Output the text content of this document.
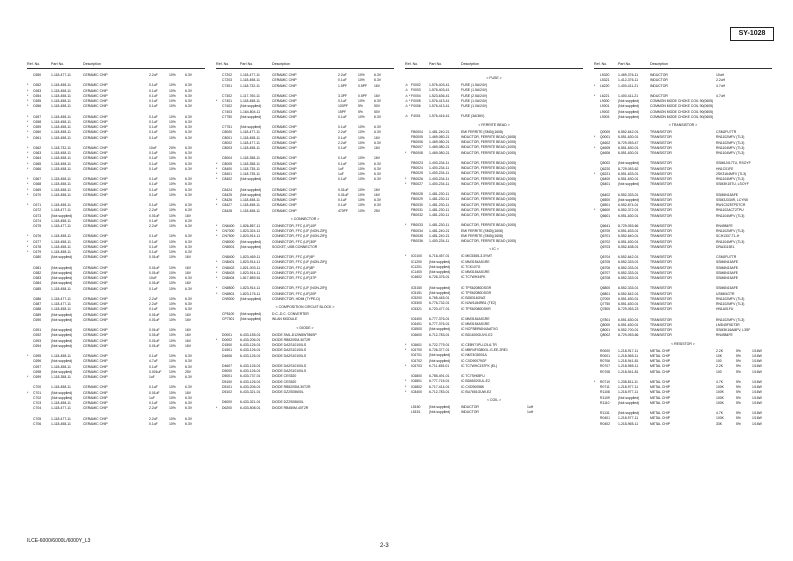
SY-1028
Ref. No.	Part No.	Description
C650	1-118-477-11	CERAMIC CHIP	2.2uF	10%	6.3V
* C652	1-118-458-11	CERAMIC CHIP	0.1uF	10%	6.3V
* C653	1-118-458-11	CERAMIC CHIP	0.1uF	10%	6.3V
* C654	1-118-458-11	CERAMIC CHIP	0.1uF	10%	6.3V
* C655	1-118-458-11	CERAMIC CHIP	0.1uF	10%	6.3V
* C656	1-118-458-11	CERAMIC CHIP	0.1uF	10%	6.3V
* C657	1-118-458-11	CERAMIC CHIP	0.1uF	10%	6.3V
* C658	1-118-458-11	CERAMIC CHIP	0.1uF	10%	6.3V
* C659	1-118-458-11	CERAMIC CHIP	0.1uF	10%	6.3V
* C660	1-118-458-11	CERAMIC CHIP	0.1uF	10%	6.3V
* C661	1-118-458-11	CERAMIC CHIP	0.1uF	10%	6.3V
* C662	1-118-732-11	CERAMIC CHIP	10uF	20%	6.3V
* C663	1-118-458-11	CERAMIC CHIP	0.1uF	10%	6.3V
* C664	1-118-458-11	CERAMIC CHIP	0.1uF	10%	6.3V
* C665	1-118-458-11	CERAMIC CHIP	0.1uF	10%	6.3V
* C666	1-118-458-11	CERAMIC CHIP	0.1uF	10%	6.3V
* C667	1-118-458-11	CERAMIC CHIP	0.1uF	10%	6.3V
* C668	1-118-458-11	CERAMIC CHIP	0.1uF	10%	6.3V
* C669	1-118-458-11	CERAMIC CHIP	0.1uF	10%	6.3V
* C670	1-118-458-11	CERAMIC CHIP	0.1uF	10%	6.3V
* C671	1-118-458-11	CERAMIC CHIP	0.1uF	10%	6.3V
C672	1-118-477-11	CERAMIC CHIP	2.2uF	10%	6.3V
C673	(Not supplied)	CERAMIC CHIP	0.01uF	10%	16V
C674	1-118-458-11	CERAMIC CHIP	0.1uF	10%	6.3V
C675	1-118-477-11	CERAMIC CHIP	2.2uF	10%	6.3V
* C676	1-118-458-11	CERAMIC CHIP	0.1uF	10%	6.3V
* C677	1-118-458-11	CERAMIC CHIP	0.1uF	10%	6.3V
* C678	1-118-458-11	CERAMIC CHIP	0.1uF	10%	6.3V
* C679	1-118-458-11	CERAMIC CHIP	0.1uF	10%	6.3V
C680	(Not supplied)	CERAMIC CHIP	0.01uF	10%	16V
C681	(Not supplied)	CERAMIC CHIP	0.01uF	10%	16V
C682	(Not supplied)	CERAMIC CHIP	0.01uF	10%	16V
C683	(Not supplied)	CERAMIC CHIP	10uF	20%	6.3V
C684	(Not supplied)	CERAMIC CHIP	0.01uF	10%	16V
C685	1-118-458-11	CERAMIC CHIP	0.1uF	10%	6.3V
C686	1-118-477-11	CERAMIC CHIP	2.2uF	10%	6.3V
C687	1-118-477-11	CERAMIC CHIP	2.2uF	10%	6.3V
C688	1-118-458-11	CERAMIC CHIP	0.1uF	10%	6.3V
C689	(Not supplied)	CERAMIC CHIP	0.01uF	10%	16V
C690	(Not supplied)	CERAMIC CHIP	0.01uF	10%	16V
C691	(Not supplied)	CERAMIC CHIP	0.01uF	10%	16V
C692	(Not supplied)	CERAMIC CHIP	0.01uF	10%	16V
C693	(Not supplied)	CERAMIC CHIP	0.01uF	10%	16V
C694	(Not supplied)	CERAMIC CHIP	0.01uF	10%	16V
* C695	1-118-458-11	CERAMIC CHIP	0.1uF	10%	6.3V
C696	(Not supplied)	CERAMIC CHIP	4.7uF	10%	6.3V
C697	1-118-458-11	CERAMIC CHIP	0.1uF	10%	6.3V
C698	(Not supplied)	CERAMIC CHIP	0.001uF 10%	25V
* C699	1-118-358-11	CERAMIC CHIP	1uF	10%	6.3V
C700	1-118-458-11	CERAMIC CHIP	0.1uF	10%	6.3V
* C701	(Not supplied)	CERAMIC CHIP	0.01uF	10%	16V
C702	(Not supplied)	CERAMIC CHIP	1uF	10%	6.3V
C703	1-118-458-11	CERAMIC CHIP	0.1uF	10%	6.3V
C704	1-118-477-11	CERAMIC CHIP	2.2uF	10%	6.3V
C705	1-118-477-11	CERAMIC CHIP	2.2uF	10%	6.3V
C706	1-118-458-11	CERAMIC CHIP	0.1uF	10%	6.3V
Ref. No.	Part No.	Description
C7202 1-118-477-11	CERAMIC CHIP	2.2uF	10%	6.3V
C7203 1-118-458-11	CERAMIC CHIP	0.1uF	10%	6.3V
C7301 1-118-732-11	CERAMIC CHIP	1.5PF	0.5PF 16V
C7302 1-117-760-11	CERAMIC CHIP	3.3PF	0.5PF 16V
* C7401 1-118-458-11	CERAMIC CHIP	0.1uF	10%	6.3V
C7402 (Not supplied)	CERAMIC CHIP	100PF	5%	50V
C7403 1-164-804-11	CERAMIC CHIP	15PF	5%	50V
C7750 (Not supplied)	CERAMIC CHIP	0.1uF	10%	6.3V
C7751 (Not supplied)	CERAMIC CHIP	0.1uF	10%	6.3V
C8000 1-118-477-11	CERAMIC CHIP	2.2uF	10%	6.3V
C8001 1-118-458-11	CERAMIC CHIP	0.1uF	10%	16V
C8002 1-118-477-11	CERAMIC CHIP	2.2uF	10%	6.3V
C8003 1-118-458-11	CERAMIC CHIP	0.1uF	10%	16V
C8004 1-118-358-11	CERAMIC CHIP	0.1uF	10%	16V
* C8005 1-118-358-11	CERAMIC CHIP	0.1uF	10%	6.3V
* C8400 1-118-735-11	CERAMIC CHIP	1uF	10%	6.3V
* C8401 1-118-735-11	CERAMIC CHIP	1uF	10%	6.3V
* C8402 (Not supplied)	CERAMIC CHIP	0.1uF	10%	6.3V
C8424 (Not supplied)	CERAMIC CHIP	0.01uF	10%	16V
C8425 (Not supplied)	CERAMIC CHIP	0.01uF	10%	16V
* C8426 1-118-458-11	CERAMIC CHIP	0.1uF	10%	6.3V
* C8427 1-118-458-11	CERAMIC CHIP	0.1uF	10%	6.3V
C8428 1-118-458-11	CERAMIC CHIP	470PF	10%	25V
< CONNECTOR >
* CN6400 1-826-857-11	CONNECTOR, FFC (LIF)10P
* CN7000 1-823-324-11	CONNECTOR, FFC (LIF (NON-ZIF))
* CN7500 1-823-914-11	CONNECTOR, FFC (LIF (NON-ZIF))
CN8000 (Not supplied)	CONNECTOR, FFC (LIF)30P
CN8001 (Not supplied)	SOCKET, USB CONNECTOR
CN8400 1-823-469-11	CONNECTOR, FFC (LIF)5P
* CN8401 1-823-914-11	CONNECTOR, FFC (LIF (NON-ZIF))
* CN8402 1-821-003-11	CONNECTOR, FFC (LIF)8P
* CN8403 1-823-914-11	CONNECTOR, FFC (LIF)10P
* CN8404 1-817-859-51	CONNECTOR, FFC (LIF)37P
* CN8500 1-823-914-11	CONNECTOR, FFC (LIF (NON-ZIF))
* CN8501 1-823-176-11	CONNECTOR, FFC (LIF)20P
CN9000 (Not supplied)	CONNECTOR, HDMI (TYPE-D)
< COMPOSITION CIRCUIT BLOCK >
CP5100 (Not supplied)	D.C.-D.C. CONVERTER
CP7301 (Not supplied)	WLAN MODULE
< DIODE >
D0001 6-433-155-01	DIODE SML-D12W8WT86SP
* D0002 6-433-206-01	DIODE RB520SM-30T2R
D1500 6-433-126-01	DIODE DA2S10100LS
D1501 6-433-126-01	DIODE DA2S10100LS
D4606 6-433-126-01	DIODE DA2S10100LS
D4607 6-433-126-01	DIODE DA2S10100LS
D5000 6-433-126-01	DIODE DA2S10100LS
D5001 6-433-737-01	DIODE CES520
D5100 6-433-126-01	DIODE CES520
D5101 6-433-206-01	DIODE RB520SM-30T2R
D5102 6-433-321-01	DIODE DZ2S05600L
D6000 6-433-321-01	DIODE DZ2S05600L
* D6200 6-433-508-01	DIODE RB450M-40T2R
Ref. No.	Part No.	Description
< FUSE >
⚠ F0002 1-576-403-41	FUSE (1.5A/24V)
⚠ F0003 1-576-403-41	FUSE (1.5A/24V)
⚠ * F0004 1-523-636-41	FUSE (2.5A/24V)
⚠ * F0005 1-576-413-41	FUSE (1.0A/24V)
⚠ * F0006 1-576-413-41	FUSE (1.0A/24V)
⚠ F4001 1-576-416-41	FUSE (3A/36V)
< FERRITE BEAD >
FB0004 1-481-240-21	EMI FERRITE (SMD)(1608)
FB0005 1-469-080-21	INDUCTOR, FERRITE BEAD (1608)
FB0006 1-469-080-21	INDUCTOR, FERRITE BEAD (1005)
FB0007 1-469-080-21	INDUCTOR, FERRITE BEAD (1005)
* FB0008 1-469-080-21	INDUCTOR, FERRITE BEAD (1005)
FB0023 1-400-234-11	INDUCTOR, FERRITE BEAD (1005)
FB0024 1-400-234-11	INDUCTOR, FERRITE BEAD (1005)
FB0025 1-400-234-11	INDUCTOR, FERRITE BEAD (1005)
* FB0026 1-400-234-11	INDUCTOR, FERRITE BEAD (1005)
* FB0027 1-400-234-11	INDUCTOR, FERRITE BEAD (1005)
FB0028 1-481-230-11	INDUCTOR, FERRITE BEAD (1005)
FB0029 1-481-230-11	INDUCTOR, FERRITE BEAD (1005)
FB0030 1-481-230-11	INDUCTOR, FERRITE BEAD (1005)
FB0031 1-481-230-11	INDUCTOR, FERRITE BEAD (1005)
FB0032 1-481-230-11	INDUCTOR, FERRITE BEAD (1005)
* FB0033 1-481-230-11	INDUCTOR, FERRITE BEAD (1005)
FB0034 1-481-240-21	EMI FERRITE (SMD)(1608)
FB0035 1-481-240-21	EMI FERRITE (SMD)(1608)
FB0036 1-400-234-11	INDUCTOR, FERRITE BEAD (1005)
< IC >
* IC0100 6-716-457-01	IC MIC5365-3.3YMT
IC1200 (Not supplied)	IC MM3154AS1RE
IC1201 (Not supplied)	IC TCK107G
IC1400 (Not supplied)	IC MM3154AS1RE
IC4602 6-726-376-01	IC TC7WH34FK
IC5150 (Not supplied)	IC TPS62080DSGR
IC5151 (Not supplied)	IC TPS62080DSGR
IC5200 6-765-445-01	IC BD8316GWZ
IC5300 6-776-732-01	IC NJW1184RB1 (TE2)
IC5321 6-720-477-01	IC TPS62080DSKR
IC6400 6-777-376-01	IC MM3154AS1RE
IC6401 6-777-376-01	IC MM3154AS1RE
IC6500 (Not supplied)	IC NCP3899AN4AATXG
IC6600 6-712-783-01	IC BD1600GUVX-E2
* IC6601 6-722-779-01	IC CEB971PU-C5-6-TR
* IC6700 6-726-377-01	IC MBR4F0380GL-G-EE-2RE1
IC6701 (Not supplied)	IC NM74G8001A
IC6702 (Not supplied)	IC CXD90079GF
* IC6703 6-711-455-01	IC TC7WHC157FK (EL)
IC6800 6-785-491-01	IC TC7SH08FU
* IC6801 6-777-715-01	IC BD6502GUL-E2
* IC6802 6-717-414-01	IC CXD90058K
* IC8400 6-712-783-01	IC BU7651GUW-E2
< COIL >
L5150	(Not supplied)	INDUCTOR	1uH
L5151	(Not supplied)	INDUCTOR	1uH
Ref. No.	Part No.	Description
L5320	1-469-376-11	INDUCTOR	10uH
L5321	1-412-376-11	INDUCTOR	2.2uH
* L6220	1-400-411-21	INDUCTOR	4.7uH
* L6221	1-400-411-21	INDUCTOR	4.7uH
L9000	(Not supplied)	COMMON MODE CHOKE COIL 90(0605)
L9001	(Not supplied)	COMMON MODE CHOKE COIL 90(0605)
L9002	(Not supplied)	COMMON MODE CHOKE COIL 90(0605)
L9003	(Not supplied)	COMMON MODE CHOKE COIL 90(0605)
< TRANSISTOR >
Q0000 6-552-642-01	TRANSISTOR	CSMJFU7TR
* Q0001 6-551-630-01	TRANSISTOR	RN1102MFV (TL3)
Q4602 8-729-053-47	TRANSISTOR	RN1102MFV (TL3)
* Q4605 6-551-630-01	TRANSISTOR	RN1104MFV (TL3)
Q4606 6-551-630-01	TRANSISTOR	RN1104MFV (TL3)
Q5002 (Not supplied)	TRANSISTOR	SSM6J417TU, RSOYF
Q6220 8-729-053-62	TRANSISTOR	HN1C01FE
* Q6221 6-551-633-01	TRANSISTOR	2SK3164MFV (TL3)
Q6400 6-551-630-01	TRANSISTOR	RN1104MFV (TL3)
Q6401 (Not supplied)	TRANSISTOR	SSM3K15TU, LSOYF
Q6402 6-552-333-01	TRANSISTOR	SSM6N15AFE
Q6500 (Not supplied)	TRANSISTOR	SSM3J334R, LCYN5
Q6501 6-552-874-01	TRANSISTOR	RW1C025TPDTCR
* Q6600 6-552-372-01	TRANSISTOR	RN1102ACT2TPU
Q6601 6-551-630-01	TRANSISTOR	RN1104MFV (TL3)
Q6641 8-729-053-66	TRANSISTOR	RN4984FE
Q6700 6-551-633-01	TRANSISTOR	RN1102MFV (TL3)
Q6701 6-552-640-01	TRANSISTOR	SCH1337-TL-H
Q6702 6-551-630-01	TRANSISTOR	RN1104MFV (TL3)
Q6703 6-552-638-01	TRANSISTOR	DRA3115EL
Q6704 6-552-642-01	TRANSISTOR	CSMJFU7TR
Q6705 6-552-333-01	TRANSISTOR	SSM6N15AFE
Q6706 6-552-333-01	TRANSISTOR	SSM6N15AFE
Q6707 6-552-333-01	TRANSISTOR	SSM6N15AFE
Q6708 6-552-333-01	TRANSISTOR	SSM6N15AFE
Q6800 6-552-333-01	TRANSISTOR	SSM6N15AFE
Q6801 6-552-642-01	TRANSISTOR	US6M1GTR
Q7000 6-551-630-01	TRANSISTOR	RN1102MFV (TL3)
Q7750 6-551-630-01	TRANSISTOR	RN1102MFV (TL3)
Q7800 8-729-053-23	TRANSISTOR	HN1A01FU
Q7801 6-551-630-01	TRANSISTOR	RN1102MFV (TL3)
Q8000 6-551-630-01	TRANSISTOR	LMD45F5DT3R
Q8001 6-552-700-01	TRANSISTOR	SSM3K16AMFV, L3SF
Q8002 8-729-053-66	TRANSISTOR	RN4984FE
< RESISTOR >
R0000 1-218-917-11	METAL CHIP	2.2K	5%	1/16W
R0001 1-218-965-11	METAL CHIP	10K	5%	1/16W
R0706 1-218-941-81	METAL CHIP	100	5%	1/16W
R0707 1-218-965-11	METAL CHIP	2.2K	5%	1/16W
R0708 1-218-941-81	METAL CHIP	100	5%	1/16W
* R0710 1-208-811-11	METAL CHIP	4.7K	5%	1/16W
R0711 1-218-977-11	METAL CHIP	100K	5%	1/16W
R1108 1-218-977-11	METAL CHIP	100K	5%	1/16W
R1109 (Not supplied)	METAL CHIP	100K	5%	1/16W
R1110	(Not supplied)	METAL CHIP	100K	5%	1/16W
R1131 (Not supplied)	METAL CHIP	4.7K	5%	1/16W
R0401 1-218-977-11	METAL CHIP	100K	5%	1/16W
R0402 1-218-965-11	METAL CHIP	33K	5%	1/16W
ILCE-6000/6000L/6000Y_L3
2-3
